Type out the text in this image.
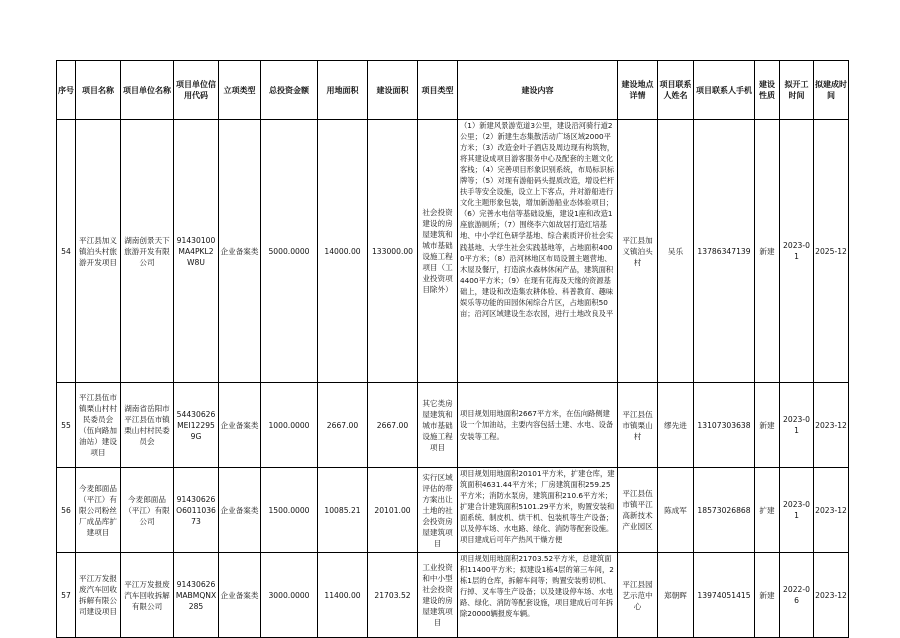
序号	项目名称	项目单位名称	项目单位信用代码	立项类型	总投资金额	用地面积	建设面积	项目类型	建设内容	建设地点详情	项目联系人姓名	项目联系人手机	建设性质	拟开工时间	拟建成时间
54	平江县加义镇泊头村旅游开发项目	湖南创景天下旅游开发有限公司	91430100MA4PKL2W8U	企业备案类	5000.0000	14000.00	133000.00	社会投资建设的房屋建筑和城市基础设施工程项目（工业投资项目除外）	（1）新建风景游览道3公里，建设沿河骑行道2公里；（2）新建生态集散活动广场区域2000平方米；（3）改造金叶子酒店及周边现有构筑物，将其建设成项目游客服务中心及配套的主题文化客栈；（4）完善项目形象识别系统，布局标识标牌等；（5）对现有游船码头提质改造，增设栏杆扶手等安全设施，设立上下客点，并对游船进行文化主题形象包装，增加新游船业态体验项目；（6）完善水电信等基础设施，建设1座和改造1座旅游厕所；（7）围绕李六如故居打造红培基地、中小学红色研学基地、综合素质评价社会实践基地、大学生社会实践基地等，占地面积4000平方米；（8）沿河林地区布局设置主题营地、木屋及餐厅，打造滨水森林休闲产品，建筑面积4400平方米；（9）在现有花海及天缘的资源基础上，建设和改造集农耕体验、科普教育、趣味娱乐等功能的田园休闲综合片区，占地面积50亩；沿河区域建设生态农园，进行土地改良及平	平江县加义镇泊头村	吴乐	13786347139	新建	2023-01	2025-12
55	平江县伍市镇栗山村村民委员会（伍向路加油站）建设项目	湖南省岳阳市平江县伍市镇栗山村村民委员会	54430626MEI122959G	企业备案类	1000.0000	2667.00	2667.00	其它类房屋建筑和城市基础设施工程项目	项目规划用地面积2667平方米，在伍向路侧建设一个加油站，主要内容包括土建、水电、设备安装等工程。	平江县伍市镇栗山村	缪先进	13107303638	新建	2023-01	2023-12
56	今麦郎面品（平江）有限公司粉丝厂成品库扩建项目	今麦郎面品（平江）有限公司	91430626O601103673	企业备案类	1500.0000	10085.21	20101.00	实行区域评估的带方案出让土地的社会投资房屋建筑项目	项目规划用地面积20101平方米，扩建仓库，建筑面积4631.44平方米；厂房建筑面积259.25平方米；消防水泵房，建筑面积210.6平方米；扩建合计建筑面积5101.29平方米，购置安装和面系统、制皮机、烘干机、包装机等生产设备；以及停车场、水电路、绿化、消防等配套设施。项目建成后可年产热风干燥方便	平江县伍市镇平江高新技术产业园区	陈成军	18573026868	扩建	2023-01	2023-12
57	平江万发报废汽车回收拆解有限公司建设项目	平江万发报废汽车回收拆解有限公司	91430626MABMQNX285	企业备案类	3000.0000	11400.00	21703.52	工业投资和中小型社会投资建设的房屋建筑项目	项目规划用地面积21703.52平方米，总建筑面积11400平方米；拟建设1栋4层的第三车间，2栋1层的仓库，拆解车间等；购置安装剪切机、行掉、叉车等生产设备；以及建设停车场、水电路、绿化、消防等配套设施，项目建成后可年拆除20000辆报废车辆。	平江县园艺示范中心	郑朝晖	13974051415	新建	2022-06	2023-12
